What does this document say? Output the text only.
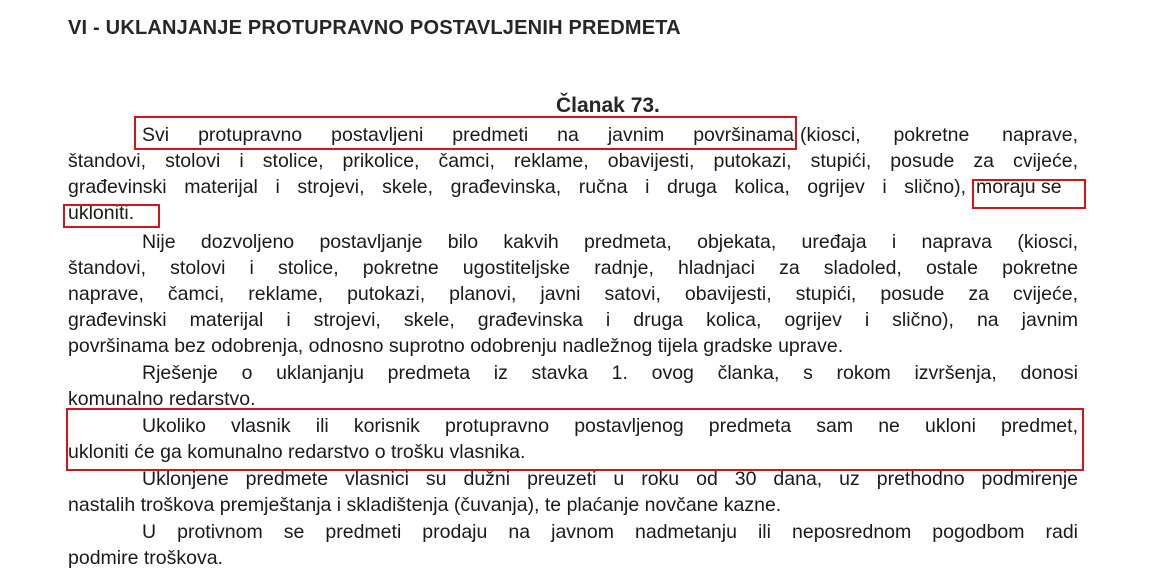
VI - UKLANJANJE PROTUPRAVNO POSTAVLJENIH PREDMETA
Članak 73.
Svi protupravno postavljeni predmeti na javnim površinama (kiosci, pokretne naprave,
štandovi, stolovi i stolice, prikolice, čamci, reklame, obavijesti, putokazi, stupići, posude za cvijeće,
građevinski materijal i strojevi, skele, građevinska, ručna i druga kolica, ogrijev i slično), moraju se
ukloniti.
Nije dozvoljeno postavljanje bilo kakvih predmeta, objekata, uređaja i naprava (kiosci,
štandovi, stolovi i stolice, pokretne ugostiteljske radnje, hladnjaci za sladoled, ostale pokretne
naprave, čamci, reklame, putokazi, planovi, javni satovi, obavijesti, stupići, posude za cvijeće,
građevinski materijal i strojevi, skele, građevinska i druga kolica, ogrijev i slično), na javnim
površinama bez odobrenja, odnosno suprotno odobrenju nadležnog tijela gradske uprave.
Rješenje o uklanjanju predmeta iz stavka 1. ovog članka, s rokom izvršenja, donosi
komunalno redarstvo.
Ukoliko vlasnik ili korisnik protupravno postavljenog predmeta sam ne ukloni predmet,
ukloniti će ga komunalno redarstvo o trošku vlasnika.
Uklonjene predmete vlasnici su dužni preuzeti u roku od 30 dana, uz prethodno podmirenje
nastalih troškova premještanja i skladištenja (čuvanja), te plaćanje novčane kazne.
U protivnom se predmeti prodaju na javnom nadmetanju ili neposrednom pogodbom radi
podmire troškova.
